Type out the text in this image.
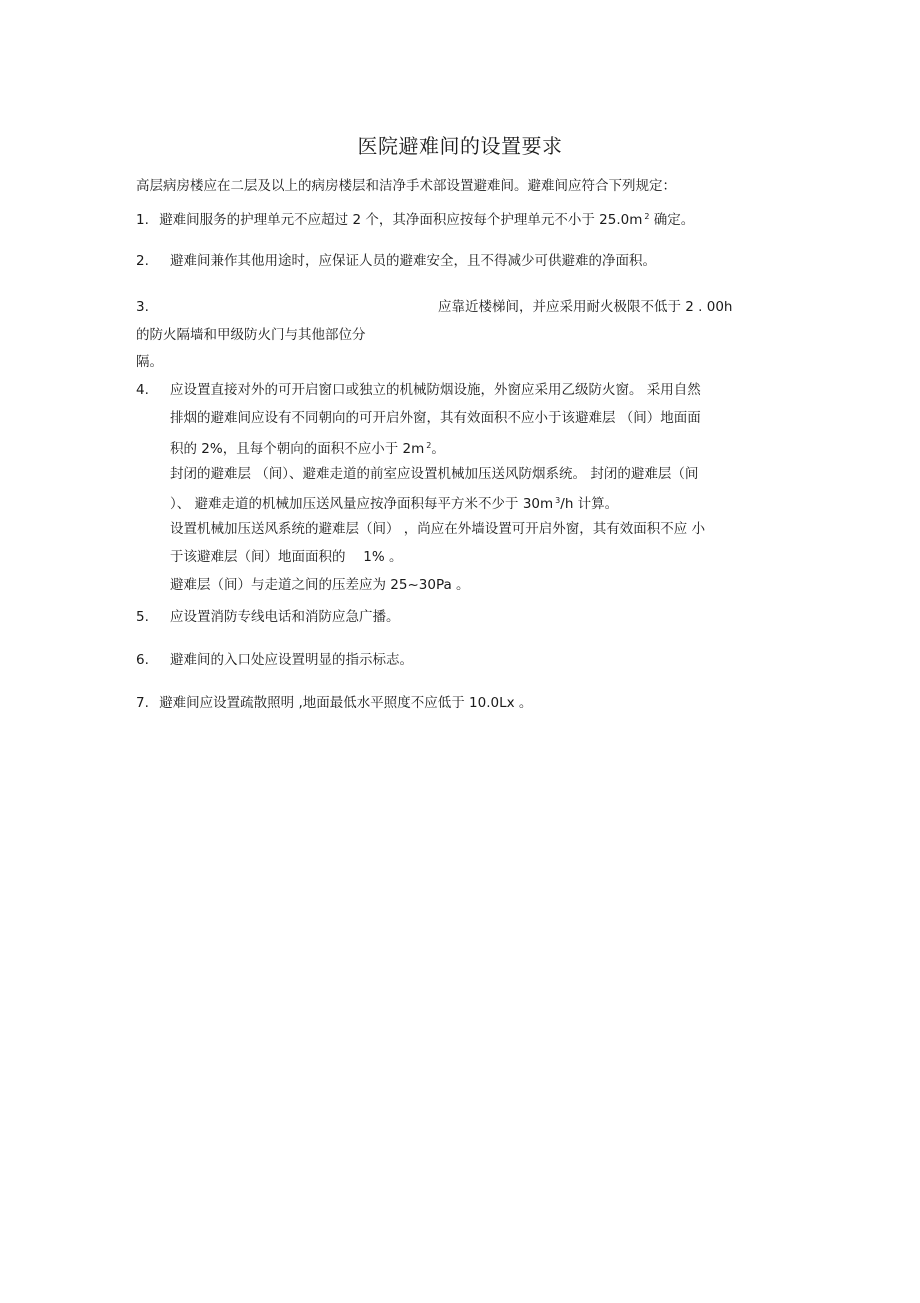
医院避难间的设置要求
高层病房楼应在二层及以上的病房楼层和洁净手术部设置避难间。避难间应符合下列规定：
1. 避难间服务的护理单元不应超过 2 个，其净面积应按每个护理单元不小于 25.0m $^2$ 确定。
2. 避难间兼作其他用途时，应保证人员的避难安全，且不得减少可供避难的净面积。
3.	应靠近楼梯间，并应采用耐火极限不低于 2 . 00h
的防火隔墙和甲级防火门与其他部位分
隔。
4. 应设置直接对外的可开启窗口或独立的机械防烟设施，外窗应采用乙级防火窗。 采用自然
排烟的避难间应设有不同朝向的可开启外窗，其有效面积不应小于该避难层 （间）地面面
积的 2%，且每个朝向的面积不应小于 2m $^2$。
封闭的避难层 （间）、避难走道的前室应设置机械加压送风防烟系统。 封闭的避难层（间
）、 避难走道的机械加压送风量应按净面积每平方米不少于 30m $^3$/h 计算。
设置机械加压送风系统的避难层（间） ，尚应在外墙设置可开启外窗，其有效面积不应 小
于该避难层（间）地面面积的 　1% 。
避难层（间）与走道之间的压差应为 25~30Pa 。
5. 应设置消防专线电话和消防应急广播。
6. 避难间的入口处应设置明显的指示标志。
7. 避难间应设置疏散照明 ,地面最低水平照度不应低于 10.0Lx 。
